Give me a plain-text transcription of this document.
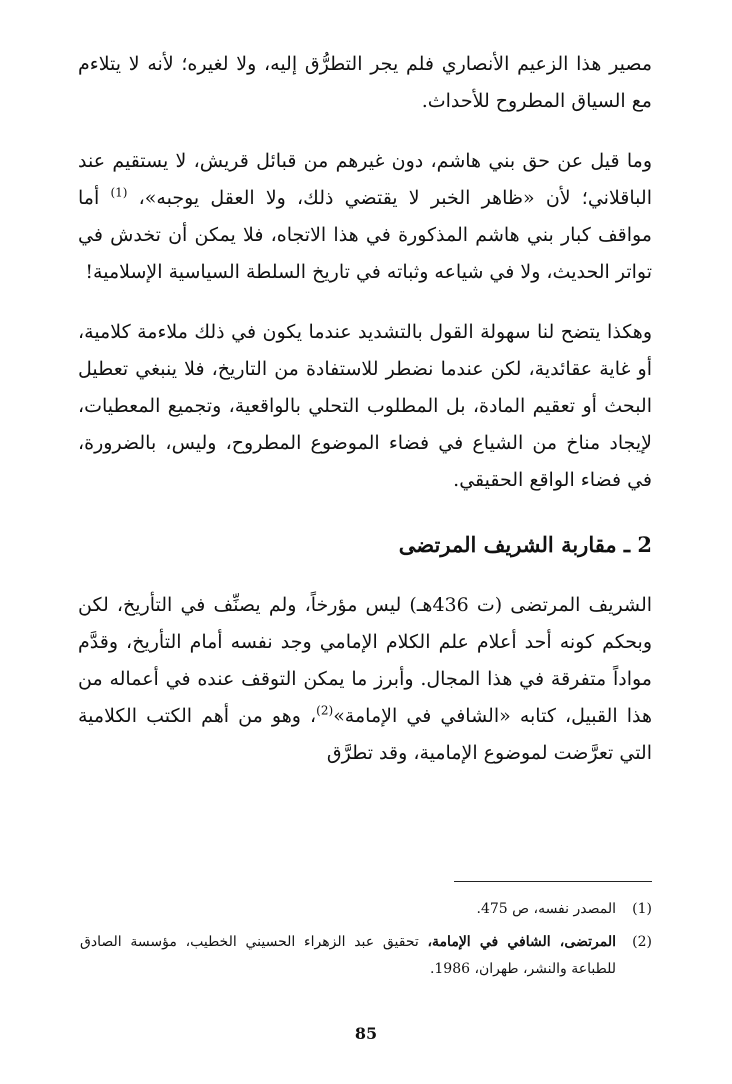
مصير هذا الزعيم الأنصاري فلم يجر التطرُّق إليه، ولا لغيره؛ لأنه لا يتلاءم مع السياق المطروح للأحداث.

وما قيل عن حق بني هاشم، دون غيرهم من قبائل قريش، لا يستقيم عند الباقلاني؛ لأن «ظاهر الخبر لا يقتضي ذلك، ولا العقل يوجبه»، $^{(1)}$ أما مواقف كبار بني هاشم المذكورة في هذا الاتجاه، فلا يمكن أن تخدش في تواتر الحديث، ولا في شياعه وثباته في تاريخ السلطة السياسية الإسلامية!

وهكذا يتضح لنا سهولة القول بالتشديد عندما يكون في ذلك ملاءمة كلامية، أو غاية عقائدية، لكن عندما نضطر للاستفادة من التاريخ، فلا ينبغي تعطيل البحث أو تعقيم المادة، بل المطلوب التحلي بالواقعية، وتجميع المعطيات، لإيجاد مناخ من الشياع في فضاء الموضوع المطروح، وليس، بالضرورة، في فضاء الواقع الحقيقي.

2 ـ مقاربة الشريف المرتضى

الشريف المرتضى (ت 436هـ) ليس مؤرخاً، ولم يصنِّف في التأريخ، لكن وبحكم كونه أحد أعلام علم الكلام الإمامي وجد نفسه أمام التأريخ، وقدَّم مواداً متفرقة في هذا المجال. وأبرز ما يمكن التوقف عنده في أعماله من هذا القبيل، كتابه «الشافي في الإمامة»$^{(2)}$، وهو من أهم الكتب الكلامية التي تعرَّضت لموضوع الإمامية، وقد تطرَّق

(1)
المصدر نفسه، ص 475.
(2)
المرتضى، الشافي في الإمامة، تحقيق عبد الزهراء الحسيني الخطيب، مؤسسة الصادق للطباعة والنشر، طهران، 1986.
85
